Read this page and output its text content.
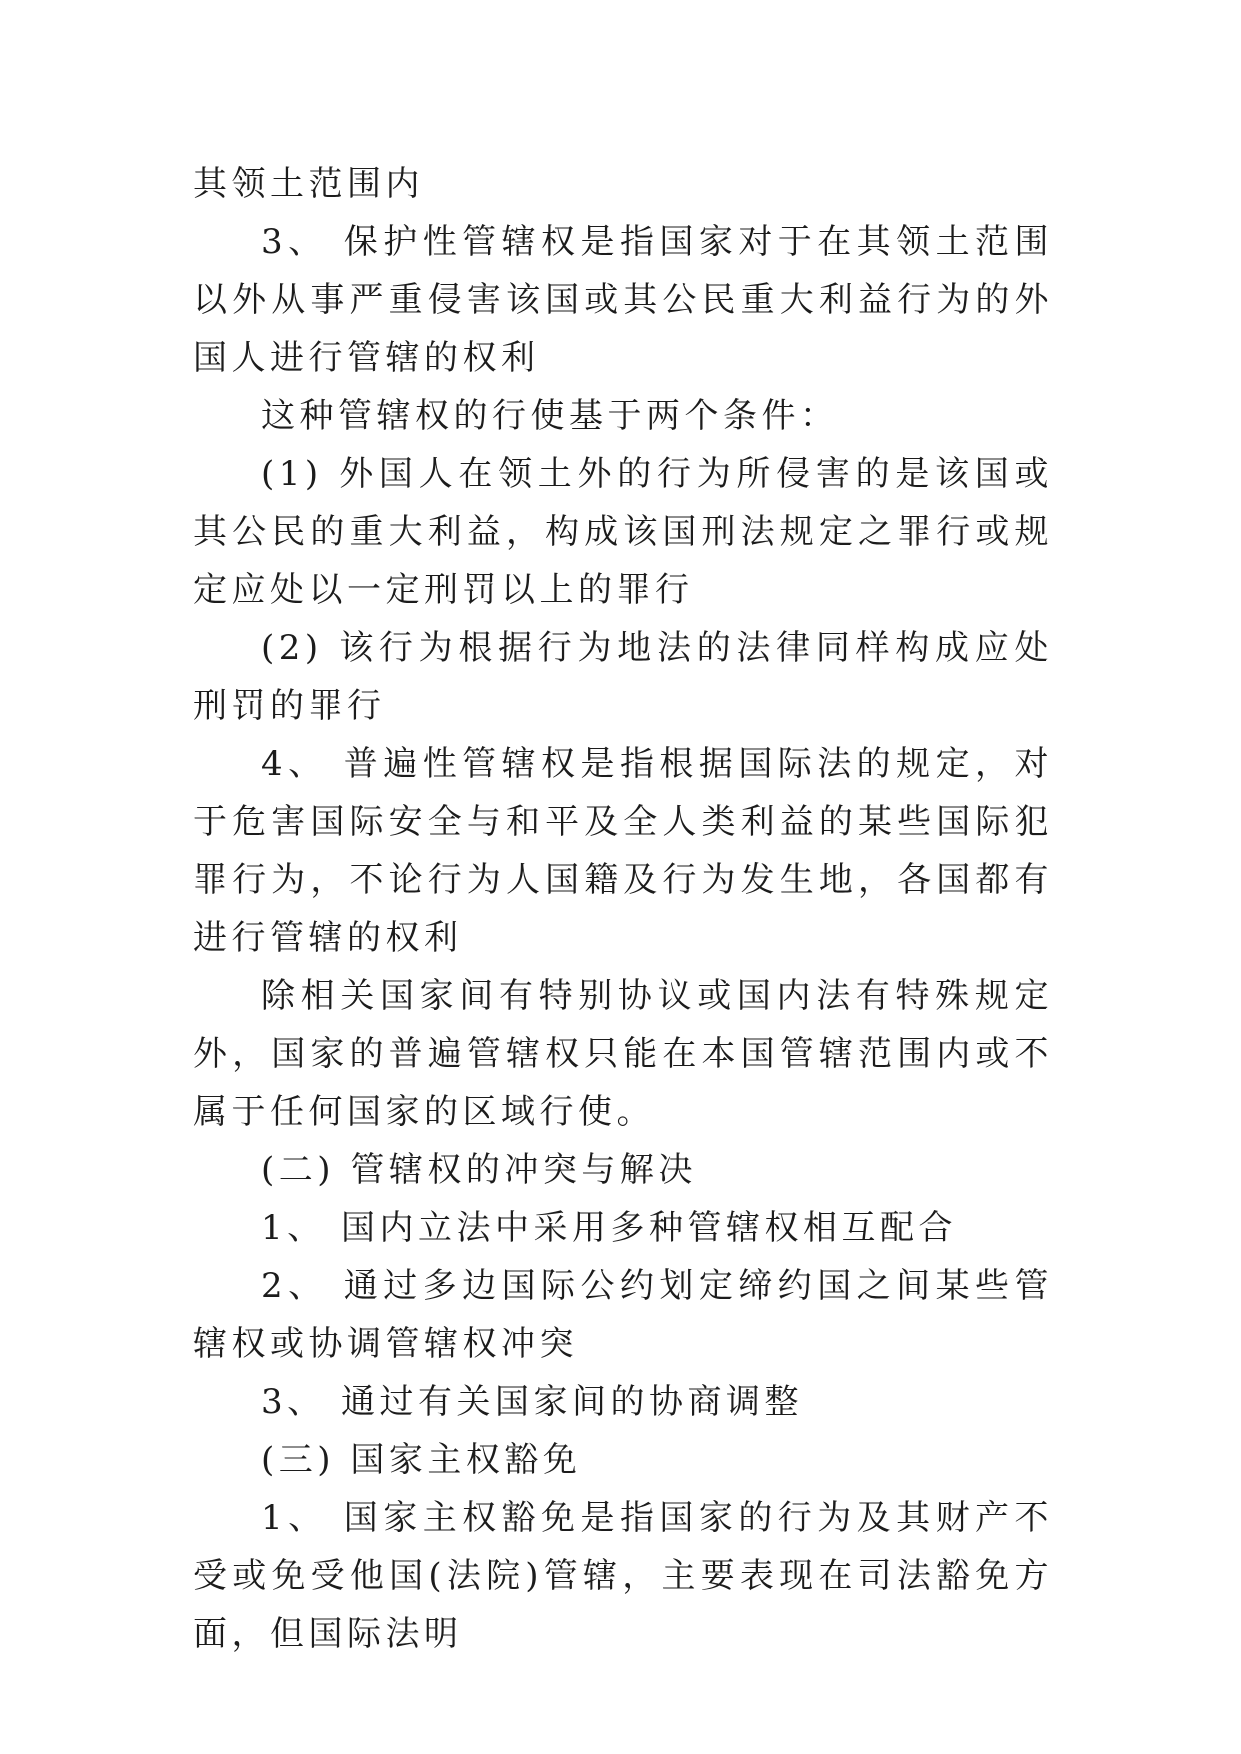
其领土范围内

3、 保护性管辖权是指国家对于在其领土范围以外从事严重侵害该国或其公民重大利益行为的外国人进行管辖的权利

这种管辖权的行使基于两个条件：

(1) 外国人在领土外的行为所侵害的是该国或其公民的重大利益，构成该国刑法规定之罪行或规定应处以一定刑罚以上的罪行

(2) 该行为根据行为地法的法律同样构成应处刑罚的罪行

4、 普遍性管辖权是指根据国际法的规定，对于危害国际安全与和平及全人类利益的某些国际犯罪行为，不论行为人国籍及行为发生地，各国都有进行管辖的权利

除相关国家间有特别协议或国内法有特殊规定外，国家的普遍管辖权只能在本国管辖范围内或不属于任何国家的区域行使。

(二) 管辖权的冲突与解决

1、 国内立法中采用多种管辖权相互配合

2、 通过多边国际公约划定缔约国之间某些管辖权或协调管辖权冲突

3、 通过有关国家间的协商调整

(三) 国家主权豁免

1、 国家主权豁免是指国家的行为及其财产不受或免受他国(法院)管辖，主要表现在司法豁免方面，但国际法明
